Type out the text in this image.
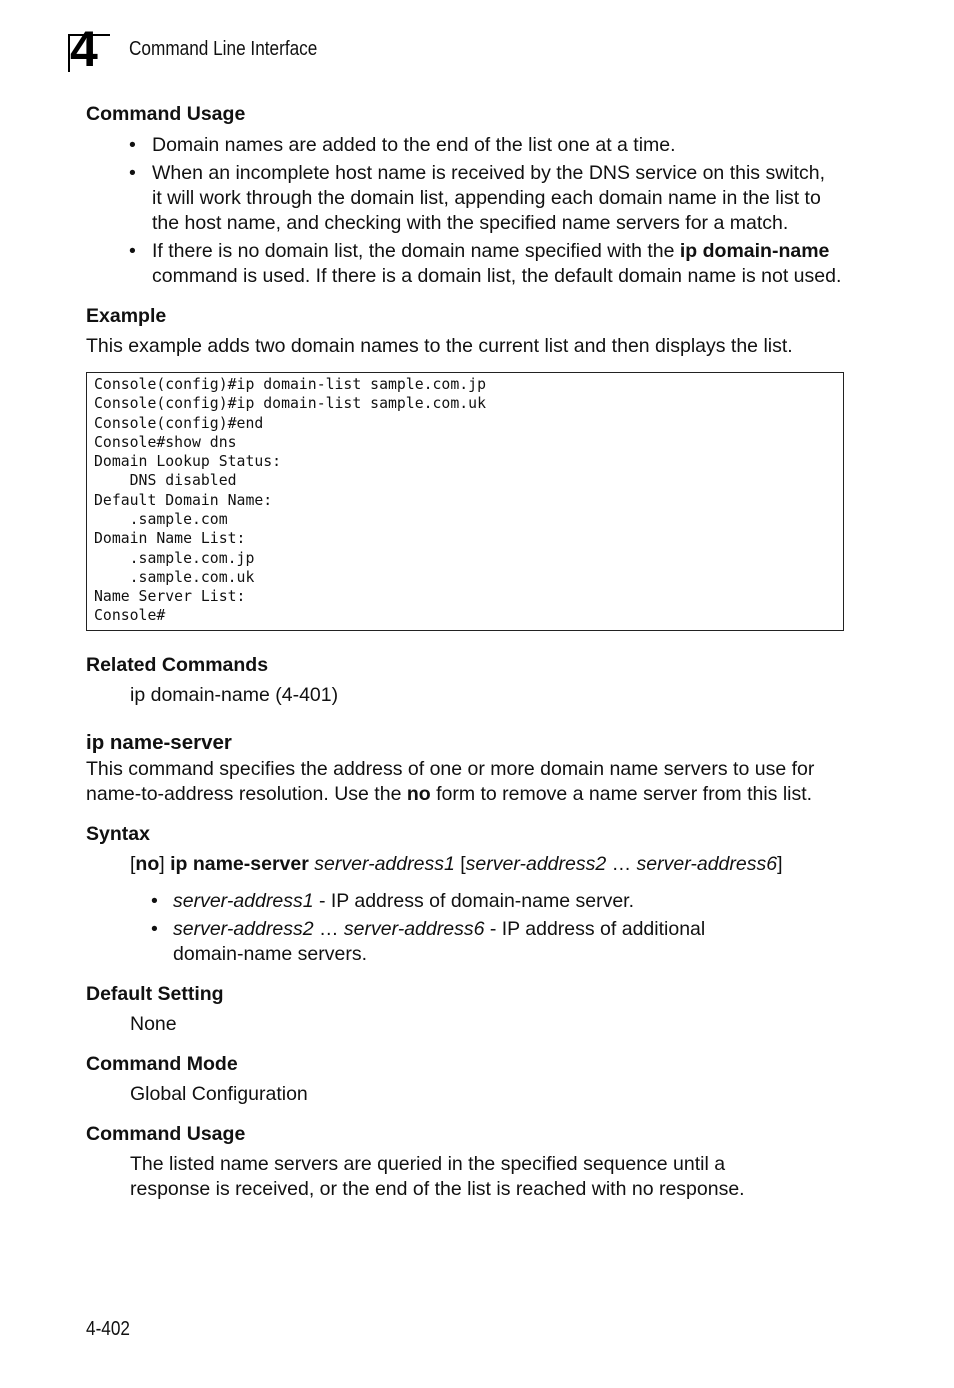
4 Command Line Interface
Command Usage
• Domain names are added to the end of the list one at a time.
• When an incomplete host name is received by the DNS service on this switch,
it will work through the domain list, appending each domain name in the list to
the host name, and checking with the specified name servers for a match.
• If there is no domain list, the domain name specified with the ip domain-name
command is used. If there is a domain list, the default domain name is not used.
Example
This example adds two domain names to the current list and then displays the list.
Console(config)#ip domain-list sample.com.jp
Console(config)#ip domain-list sample.com.uk
Console(config)#end
Console#show dns
Domain Lookup Status:
DNS disabled
Default Domain Name:
.sample.com
Domain Name List:
.sample.com.jp
.sample.com.uk
Name Server List:
Console#
Related Commands
ip domain-name (4-401)
ip name-server
This command specifies the address of one or more domain name servers to use for
name-to-address resolution. Use the no form to remove a name server from this list.
Syntax
[no] ip name-server server-address1 [server-address2 … server-address6]
• server-address1 - IP address of domain-name server.
• server-address2 … server-address6 - IP address of additional
domain-name servers.
Default Setting
None
Command Mode
Global Configuration
Command Usage
The listed name servers are queried in the specified sequence until a
response is received, or the end of the list is reached with no response.
4-402
